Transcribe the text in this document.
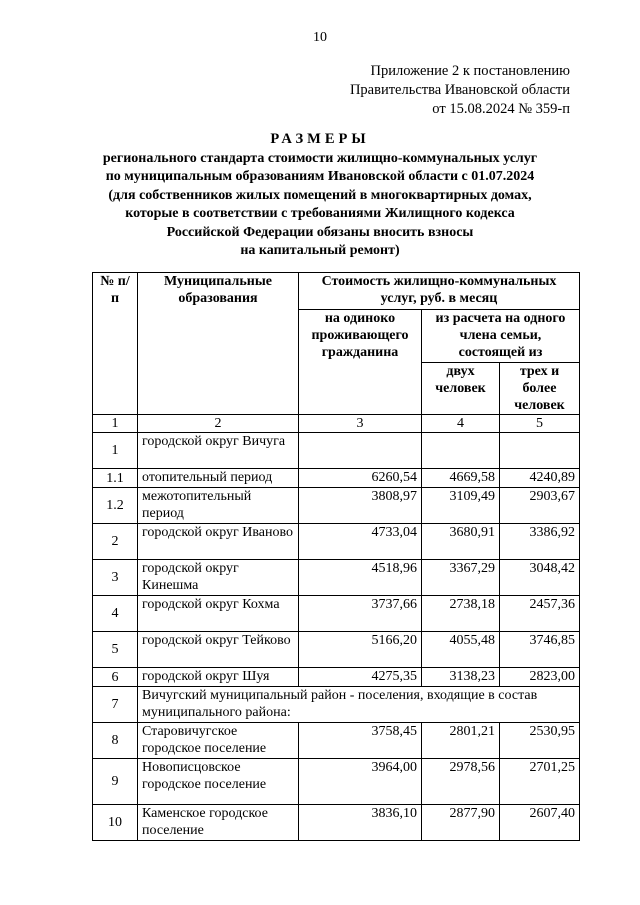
10
Приложение 2 к постановлению
Правительства Ивановской области
от 15.08.2024 № 359-п
РАЗМЕРЫ
регионального стандарта стоимости жилищно-коммунальных услуг
по муниципальным образованиям Ивановской области с 01.07.2024
(для собственников жилых помещений в многоквартирных домах,
которые в соответствии с требованиями Жилищного кодекса
Российской Федерации обязаны вносить взносы
на капитальный ремонт)
№ п/п	Муниципальные образования	Стоимость жилищно-коммунальных услуг, руб. в месяц		
		на одиноко проживающего гражданина	из расчета на одного члена семьи, состоящей из	
			двух человек	трех и более человек
1	2	3	4	5
1	городской округ Вичуга			
1.1	отопительный период	6260,54	4669,58	4240,89
1.2	межотопительный период	3808,97	3109,49	2903,67
2	городской округ Иваново	4733,04	3680,91	3386,92
3	городской округ Кинешма	4518,96	3367,29	3048,42
4	городской округ Кохма	3737,66	2738,18	2457,36
5	городской округ Тейково	5166,20	4055,48	3746,85
6	городской округ Шуя	4275,35	3138,23	2823,00
7	Вичугский муниципальный район - поселения, входящие в состав муниципального района:			
8	Старовичугское городское поселение	3758,45	2801,21	2530,95
9	Новописцовское городское поселение	3964,00	2978,56	2701,25
10	Каменское городское поселение	3836,10	2877,90	2607,40
